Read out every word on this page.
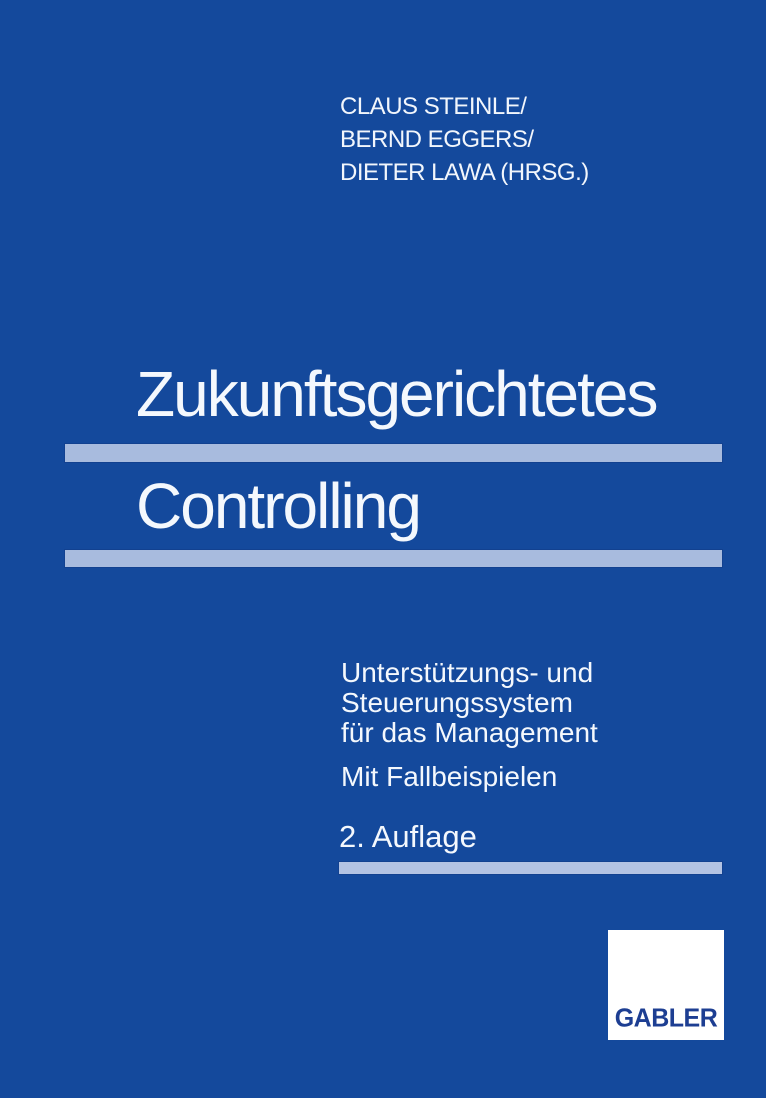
CLAUS STEINLE/
BERND EGGERS/
DIETER LAWA (HRSG.)
Zukunftsgerichtetes
Controlling
Unterstützungs- und
Steuerungssystem
für das Management
Mit Fallbeispielen
2. Auflage
GABLER
